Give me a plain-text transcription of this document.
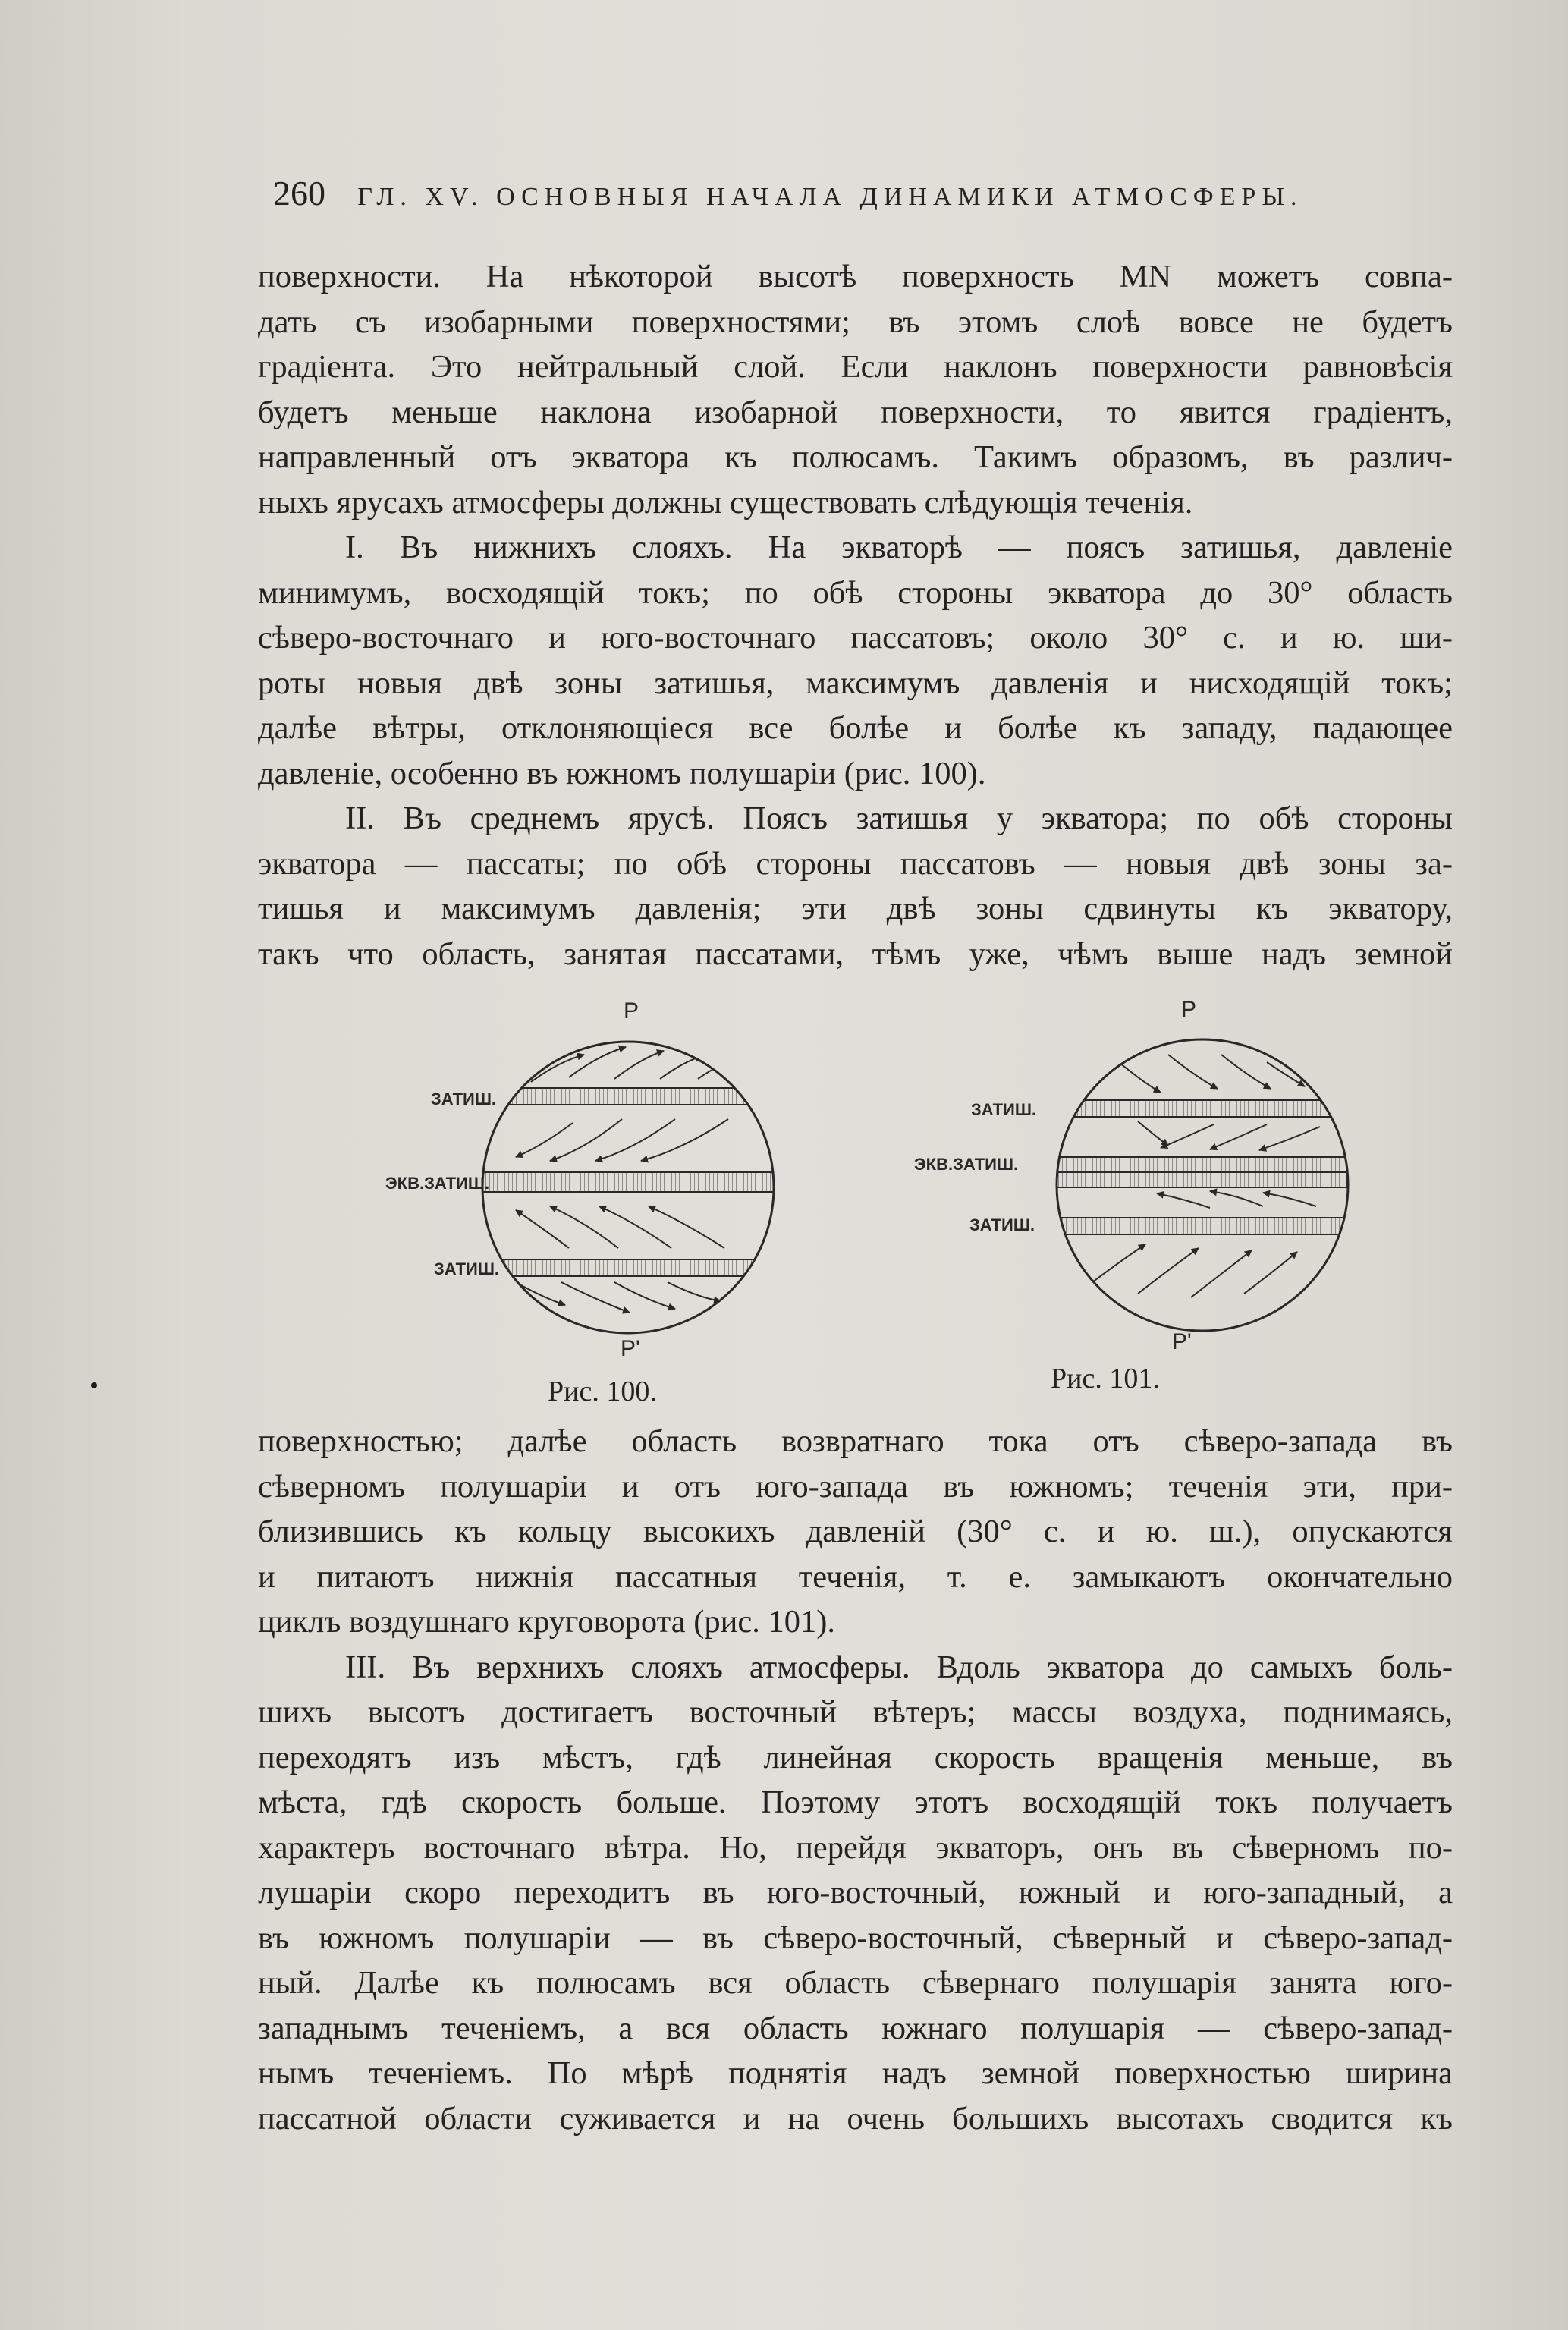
260 ГЛ. XV. ОСНОВНЫЯ НАЧАЛА ДИНАМИКИ АТМОСФЕРЫ.
поверхности. На нѣкоторой высотѣ поверхность MN можетъ совпа-
дать съ изобарными поверхностями; въ этомъ слоѣ вовсе не будетъ
градiента. Это нейтральный слой. Если наклонъ поверхности равновѣсiя
будетъ меньше наклона изобарной поверхности, то явится градiентъ,
направленный отъ экватора къ полюсамъ. Такимъ образомъ, въ различ-
ныхъ ярусахъ атмосферы должны существовать слѣдующiя теченiя.
I. Въ нижнихъ слояхъ. На экваторѣ — поясъ затишья, давленiе
минимумъ, восходящiй токъ; по обѣ стороны экватора до 30° область
сѣверо-восточнаго и юго-восточнаго пассатовъ; около 30° с. и ю. ши-
роты новыя двѣ зоны затишья, максимумъ давленiя и нисходящiй токъ;
далѣе вѣтры, отклоняющiеся все болѣе и болѣе къ западу, падающее
давленiе, особенно въ южномъ полушарiи (рис. 100).
II. Въ среднемъ ярусѣ. Поясъ затишья у экватора; по обѣ стороны
экватора — пассаты; по обѣ стороны пассатовъ — новыя двѣ зоны за-
тишья и максимумъ давленiя; эти двѣ зоны сдвинуты къ экватору,
такъ что область, занятая пассатами, тѣмъ уже, чѣмъ выше надъ земной
P
ЗАТИШ.
ЭКВ.ЗАТИШ.
ЗАТИШ.
P'
Рис. 100.
P
ЗАТИШ.
ЭКВ.ЗАТИШ.
ЗАТИШ.
P'
Рис. 101.
поверхностью; далѣе область возвратнаго тока отъ сѣверо-запада въ
сѣверномъ полушарiи и отъ юго-запада въ южномъ; теченiя эти, при-
близившись къ кольцу высокихъ давленiй (30° с. и ю. ш.), опускаются
и питаютъ нижнiя пассатныя теченiя, т. е. замыкаютъ окончательно
циклъ воздушнаго круговорота (рис. 101).
III. Въ верхнихъ слояхъ атмосферы. Вдоль экватора до самыхъ боль-
шихъ высотъ достигаетъ восточный вѣтеръ; массы воздуха, поднимаясь,
переходятъ изъ мѣстъ, гдѣ линейная скорость вращенiя меньше, въ
мѣста, гдѣ скорость больше. Поэтому этотъ восходящiй токъ получаетъ
характеръ восточнаго вѣтра. Но, перейдя экваторъ, онъ въ сѣверномъ по-
лушарiи скоро переходитъ въ юго-восточный, южный и юго-западный, а
въ южномъ полушарiи — въ сѣверо-восточный, сѣверный и сѣверо-запад-
ный. Далѣе къ полюсамъ вся область сѣвернаго полушарiя занята юго-
западнымъ теченiемъ, а вся область южнаго полушарiя — сѣверо-запад-
нымъ теченiемъ. По мѣрѣ поднятiя надъ земной поверхностью ширина
пассатной области суживается и на очень большихъ высотахъ сводится къ
